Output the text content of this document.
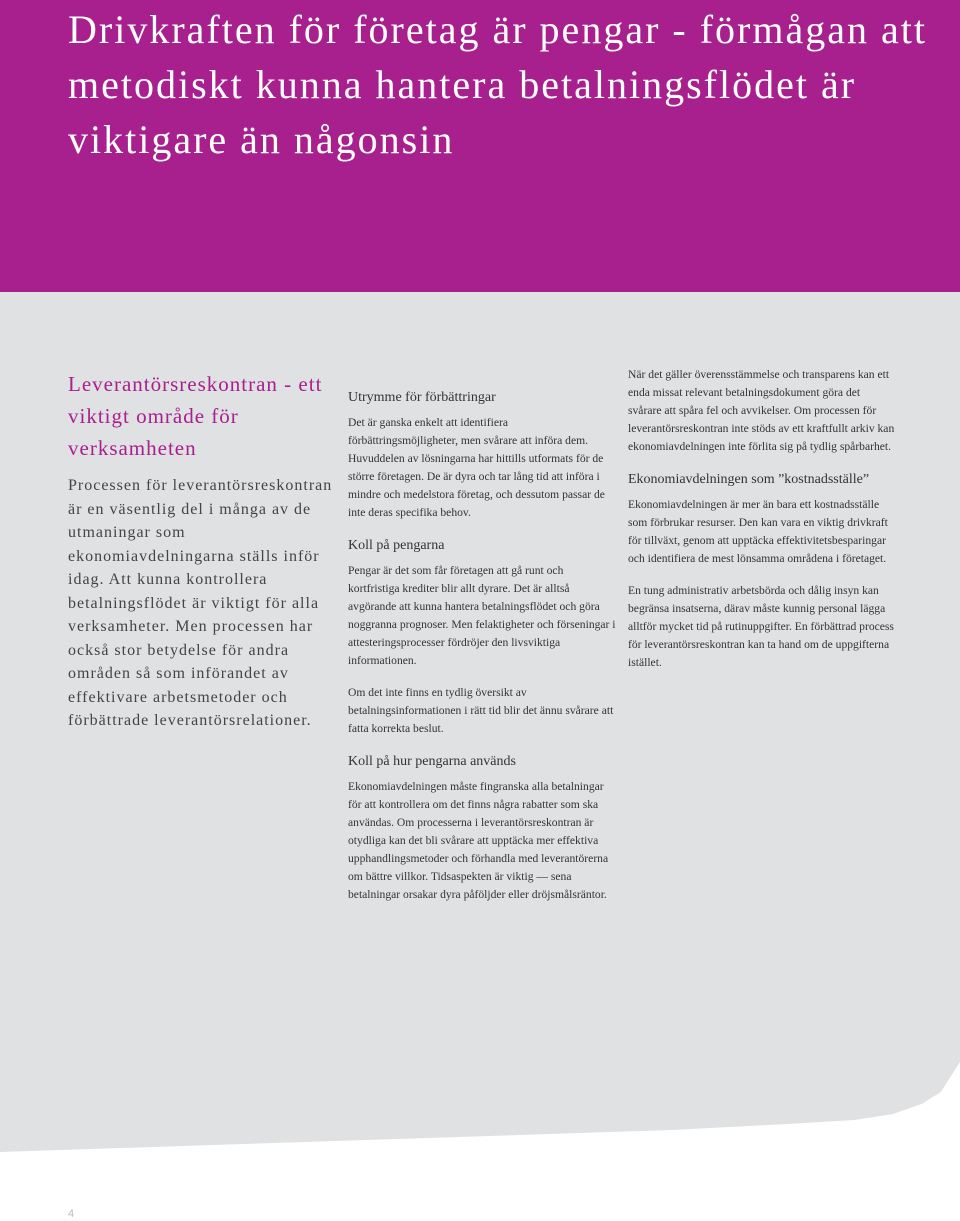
Drivkraften för företag är pengar - förmågan att metodiskt kunna hantera betalningsflödet är viktigare än någonsin
Leverantörsreskontran - ett viktigt område för verksamheten

Processen för leverantörsreskontran är en väsentlig del i många av de utmaningar som ekonomiavdelningarna ställs inför idag. Att kunna kontrollera betalningsflödet är viktigt för alla verksamheter. Men processen har också stor betydelse för andra områden så som införandet av effektivare arbetsmetoder och förbättrade leverantörsrelationer.

Utrymme för förbättringar

Det är ganska enkelt att identifiera förbättringsmöjligheter, men svårare att införa dem. Huvuddelen av lösningarna har hittills utformats för de större företagen. De är dyra och tar lång tid att införa i mindre och medelstora företag, och dessutom passar de inte deras specifika behov.

Koll på pengarna

Pengar är det som får företagen att gå runt och kortfristiga krediter blir allt dyrare. Det är alltså avgörande att kunna hantera betalningsflödet och göra noggranna prognoser. Men felaktigheter och förseningar i attesteringsprocesser fördröjer den livsviktiga informationen.

Om det inte finns en tydlig översikt av betalningsinformationen i rätt tid blir det ännu svårare att fatta korrekta beslut.

Koll på hur pengarna används

Ekonomiavdelningen måste fingranska alla betalningar för att kontrollera om det finns några rabatter som ska användas. Om processerna i leverantörsreskontran är otydliga kan det bli svårare att upptäcka mer effektiva upphandlingsmetoder och förhandla med leverantörerna om bättre villkor. Tidsaspekten är viktig — sena betalningar orsakar dyra påföljder eller dröjsmålsräntor.

När det gäller överensstämmelse och transparens kan ett enda missat relevant betalningsdokument göra det svårare att spåra fel och avvikelser. Om processen för leverantörsreskontran inte stöds av ett kraftfullt arkiv kan ekonomiavdelningen inte förlita sig på tydlig spårbarhet.

Ekonomiavdelningen som ”kostnadsställe”

Ekonomiavdelningen är mer än bara ett kostnadsställe som förbrukar resurser. Den kan vara en viktig drivkraft för tillväxt, genom att upptäcka effektivitetsbesparingar och identifiera de mest lönsamma områdena i företaget.

En tung administrativ arbetsbörda och dålig insyn kan begränsa insatserna, därav måste kunnig personal lägga alltför mycket tid på rutinuppgifter. En förbättrad process för leverantörsreskontran kan ta hand om de uppgifterna istället.

4
